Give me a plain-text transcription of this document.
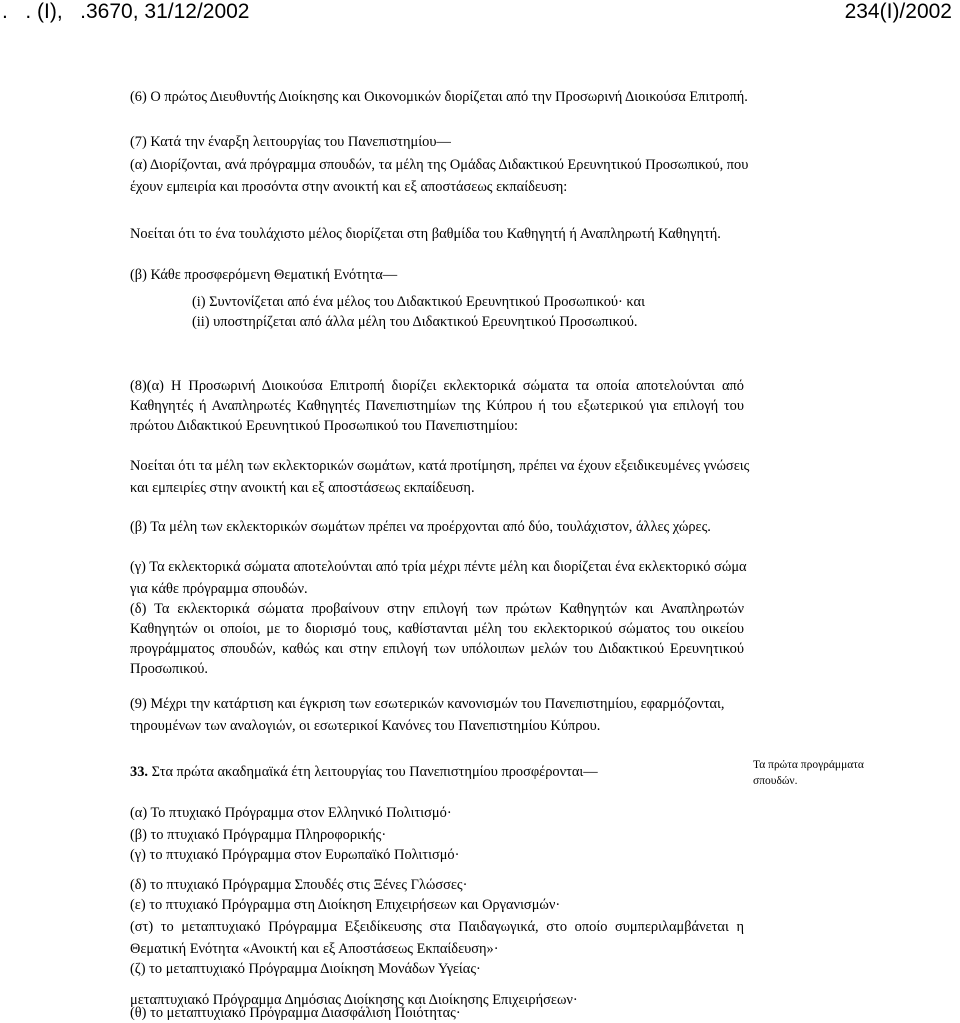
.   . (Ι),   .3670, 31/12/2002	234(Ι)/2002
(6) Ο πρώτος Διευθυντής Διοίκησης και Οικονομικών διορίζεται από την Προσωρινή Διοικούσα Επιτροπή.
(7) Κατά την έναρξη λειτουργίας του Πανεπιστημίου—
(α) Διορίζονται, ανά πρόγραμμα σπουδών, τα μέλη της Ομάδας Διδακτικού Ερευνητικού Προσωπικού, που
έχουν εμπειρία και προσόντα στην ανοικτή και εξ αποστάσεως εκπαίδευση:
Νοείται ότι το ένα τουλάχιστο μέλος διορίζεται στη βαθμίδα του Καθηγητή ή Αναπληρωτή Καθηγητή.
(β) Κάθε προσφερόμενη Θεματική Ενότητα—
(i) Συντονίζεται από ένα μέλος του Διδακτικού Ερευνητικού Προσωπικού· και
(ii) υποστηρίζεται από άλλα μέλη του Διδακτικού Ερευνητικού Προσωπικού.
(8)(α) Η Προσωρινή Διοικούσα Επιτροπή διορίζει εκλεκτορικά σώματα τα οποία αποτελούνται από
Καθηγητές ή Αναπληρωτές Καθηγητές Πανεπιστημίων της Κύπρου ή του εξωτερικού για επιλογή του
πρώτου Διδακτικού Ερευνητικού Προσωπικού του Πανεπιστημίου:
Νοείται ότι τα μέλη των εκλεκτορικών σωμάτων, κατά προτίμηση, πρέπει να έχουν εξειδικευμένες γνώσεις
και εμπειρίες στην ανοικτή και εξ αποστάσεως εκπαίδευση.
(β) Τα μέλη των εκλεκτορικών σωμάτων πρέπει να προέρχονται από δύο, τουλάχιστον, άλλες χώρες.
(γ) Τα εκλεκτορικά σώματα αποτελούνται από τρία μέχρι πέντε μέλη και διορίζεται ένα εκλεκτορικό σώμα
για κάθε πρόγραμμα σπουδών.
(δ) Τα εκλεκτορικά σώματα προβαίνουν στην επιλογή των πρώτων Καθηγητών και Αναπληρωτών
Καθηγητών οι οποίοι, με το διορισμό τους, καθίστανται μέλη του εκλεκτορικού σώματος του οικείου
προγράμματος σπουδών, καθώς και στην επιλογή των υπόλοιπων μελών του Διδακτικού Ερευνητικού
Προσωπικού.
(9) Μέχρι την κατάρτιση και έγκριση των εσωτερικών κανονισμών του Πανεπιστημίου, εφαρμόζονται,
τηρουμένων των αναλογιών, οι εσωτερικοί Κανόνες του Πανεπιστημίου Κύπρου.
33. Στα πρώτα ακαδημαϊκά έτη λειτουργίας του Πανεπιστημίου προσφέρονται—
(α) Το πτυχιακό Πρόγραμμα στον Ελληνικό Πολιτισμό·
(β) το πτυχιακό Πρόγραμμα Πληροφορικής·
(γ) το πτυχιακό Πρόγραμμα στον Ευρωπαϊκό Πολιτισμό·
(δ) το πτυχιακό Πρόγραμμα Σπουδές στις Ξένες Γλώσσες·
(ε) το πτυχιακό Πρόγραμμα στη Διοίκηση Επιχειρήσεων και Οργανισμών·
(στ) το μεταπτυχιακό Πρόγραμμα Εξειδίκευσης στα Παιδαγωγικά, στο οποίο συμπεριλαμβάνεται η
Θεματική Ενότητα «Ανοικτή και εξ Αποστάσεως Εκπαίδευση»·
(ζ) το μεταπτυχιακό Πρόγραμμα Διοίκηση Μονάδων Υγείας·
μεταπτυχιακό Πρόγραμμα Δημόσιας Διοίκησης και Διοίκησης Επιχειρήσεων·
(θ) το μεταπτυχιακό Πρόγραμμα Διασφάλιση Ποιότητας·
Τα πρώτα προγράμματα σπουδών.
